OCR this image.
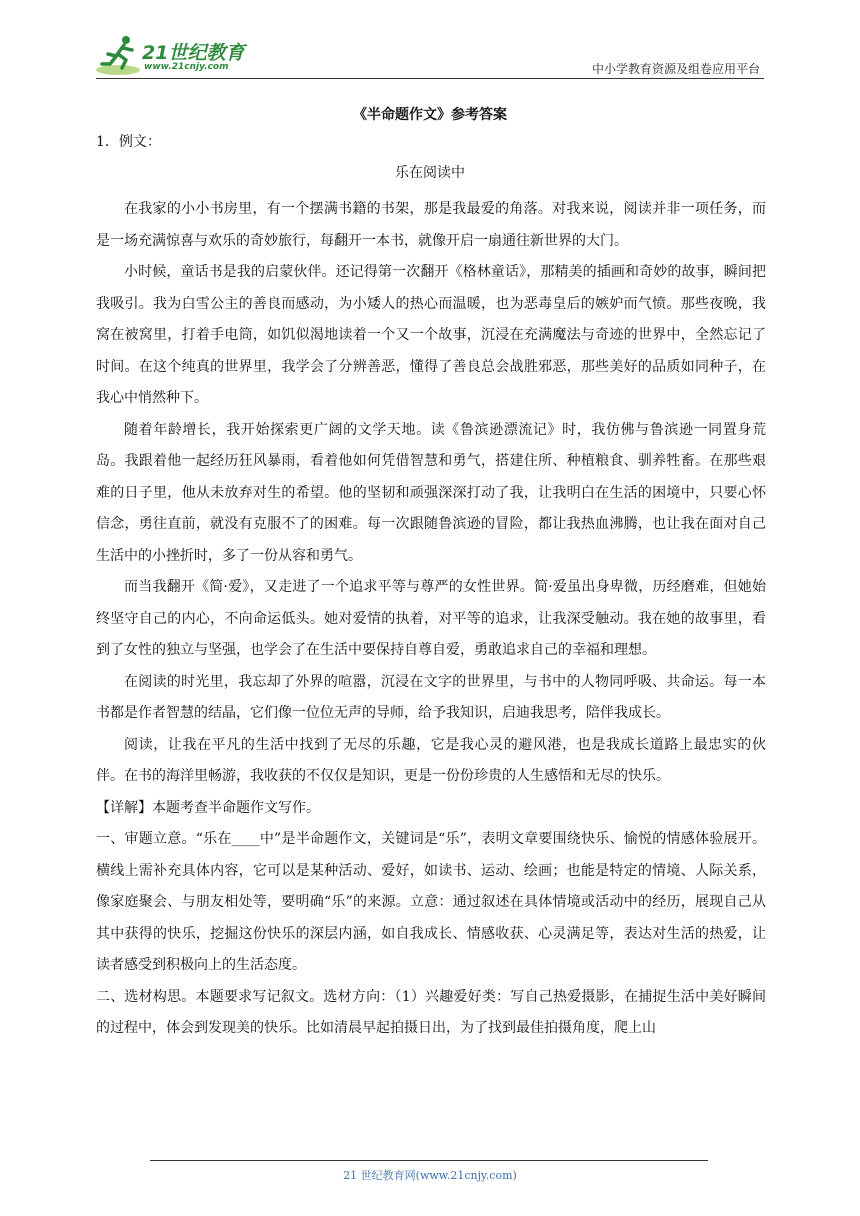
21世纪教育
www.21cnjy.com	中小学教育资源及组卷应用平台
《半命题作文》参考答案
1．例文：
乐在阅读中

在我家的小小书房里，有一个摆满书籍的书架，那是我最爱的角落。对我来说，阅读并非一项任务，而是一场充满惊喜与欢乐的奇妙旅行，每翻开一本书，就像开启一扇通往新世界的大门。

小时候，童话书是我的启蒙伙伴。还记得第一次翻开《格林童话》，那精美的插画和奇妙的故事，瞬间把我吸引。我为白雪公主的善良而感动，为小矮人的热心而温暖，也为恶毒皇后的嫉妒而气愤。那些夜晚，我窝在被窝里，打着手电筒，如饥似渴地读着一个又一个故事，沉浸在充满魔法与奇迹的世界中，全然忘记了时间。在这个纯真的世界里，我学会了分辨善恶，懂得了善良总会战胜邪恶，那些美好的品质如同种子，在我心中悄然种下。

随着年龄增长，我开始探索更广阔的文学天地。读《鲁滨逊漂流记》时，我仿佛与鲁滨逊一同置身荒岛。我跟着他一起经历狂风暴雨，看着他如何凭借智慧和勇气，搭建住所、种植粮食、驯养牲畜。在那些艰难的日子里，他从未放弃对生的希望。他的坚韧和顽强深深打动了我，让我明白在生活的困境中，只要心怀信念，勇往直前，就没有克服不了的困难。每一次跟随鲁滨逊的冒险，都让我热血沸腾，也让我在面对自己生活中的小挫折时，多了一份从容和勇气。

而当我翻开《简·爱》，又走进了一个追求平等与尊严的女性世界。简·爱虽出身卑微，历经磨难，但她始终坚守自己的内心，不向命运低头。她对爱情的执着，对平等的追求，让我深受触动。我在她的故事里，看到了女性的独立与坚强，也学会了在生活中要保持自尊自爱，勇敢追求自己的幸福和理想。

在阅读的时光里，我忘却了外界的喧嚣，沉浸在文字的世界里，与书中的人物同呼吸、共命运。每一本书都是作者智慧的结晶，它们像一位位无声的导师，给予我知识，启迪我思考，陪伴我成长。

阅读，让我在平凡的生活中找到了无尽的乐趣，它是我心灵的避风港，也是我成长道路上最忠实的伙伴。在书的海洋里畅游，我收获的不仅仅是知识，更是一份份珍贵的人生感悟和无尽的快乐。

【详解】本题考查半命题作文写作。

一、审题立意。“乐在____中”是半命题作文，关键词是“乐”，表明文章要围绕快乐、愉悦的情感体验展开。横线上需补充具体内容，它可以是某种活动、爱好，如读书、运动、绘画；也能是特定的情境、人际关系，像家庭聚会、与朋友相处等，要明确“乐”的来源。立意：通过叙述在具体情境或活动中的经历，展现自己从其中获得的快乐，挖掘这份快乐的深层内涵，如自我成长、情感收获、心灵满足等，表达对生活的热爱，让读者感受到积极向上的生活态度。

二、选材构思。本题要求写记叙文。选材方向：（1）兴趣爱好类：写自己热爱摄影，在捕捉生活中美好瞬间的过程中，体会到发现美的快乐。比如清晨早起拍摄日出，为了找到最佳拍摄角度，爬上山

21 世纪教育网(www.21cnjy.com)
